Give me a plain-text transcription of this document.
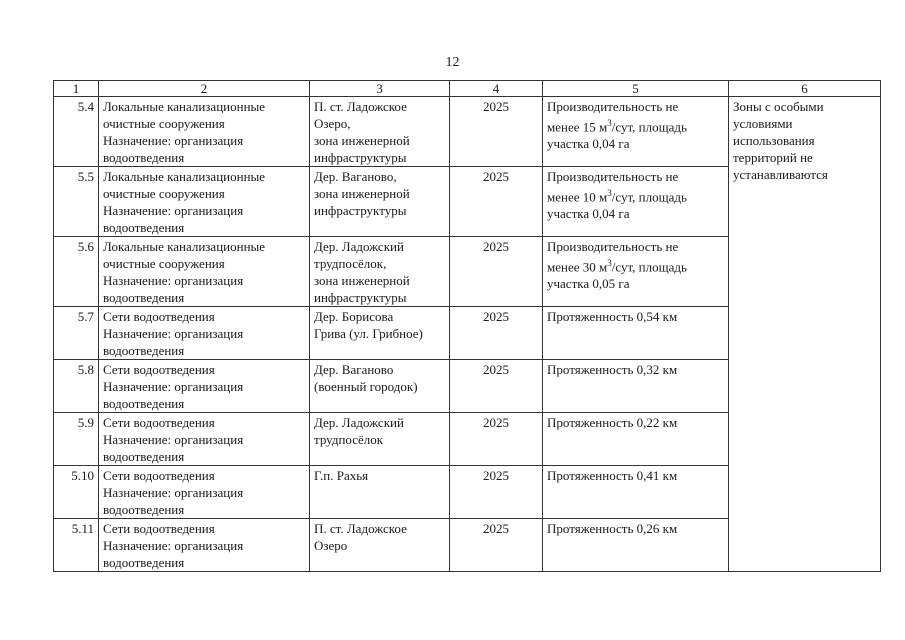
12
1	2	3	4	5	6
5.4	Локальные канализационные
очистные сооружения
Назначение: организация
водоотведения	П. ст. Ладожское
Озеро,
зона инженерной
инфраструктуры	2025	Производительность не
менее 15 $м^3$/сут, площадь
участка 0,04 га	Зоны с особыми
условиями
использования
территорий не
устанавливаются

5.5	Локальные канализационные
очистные сооружения
Назначение: организация
водоотведения	Дер. Ваганово,
зона инженерной
инфраструктуры	2025	Производительность не
менее 10 $м^3$/сут, площадь
участка 0,04 га	

5.6	Локальные канализационные
очистные сооружения
Назначение: организация
водоотведения	Дер. Ладожский
трудпосёлок,
зона инженерной
инфраструктуры	2025	Производительность не
менее 30 $м^3$/сут, площадь
участка 0,05 га	

5.7	Сети водоотведения
Назначение: организация
водоотведения	Дер. Борисова
Грива (ул. Грибное)	2025	Протяженность 0,54 км	

5.8	Сети водоотведения
Назначение: организация
водоотведения	Дер. Ваганово
(военный городок)	2025	Протяженность 0,32 км	

5.9	Сети водоотведения
Назначение: организация
водоотведения	Дер. Ладожский
трудпосёлок	2025	Протяженность 0,22 км	

5.10	Сети водоотведения
Назначение: организация
водоотведения	Г.п. Рахья	2025	Протяженность 0,41 км	

5.11	Сети водоотведения
Назначение: организация
водоотведения	П. ст. Ладожское
Озеро	2025	Протяженность 0,26 км	
